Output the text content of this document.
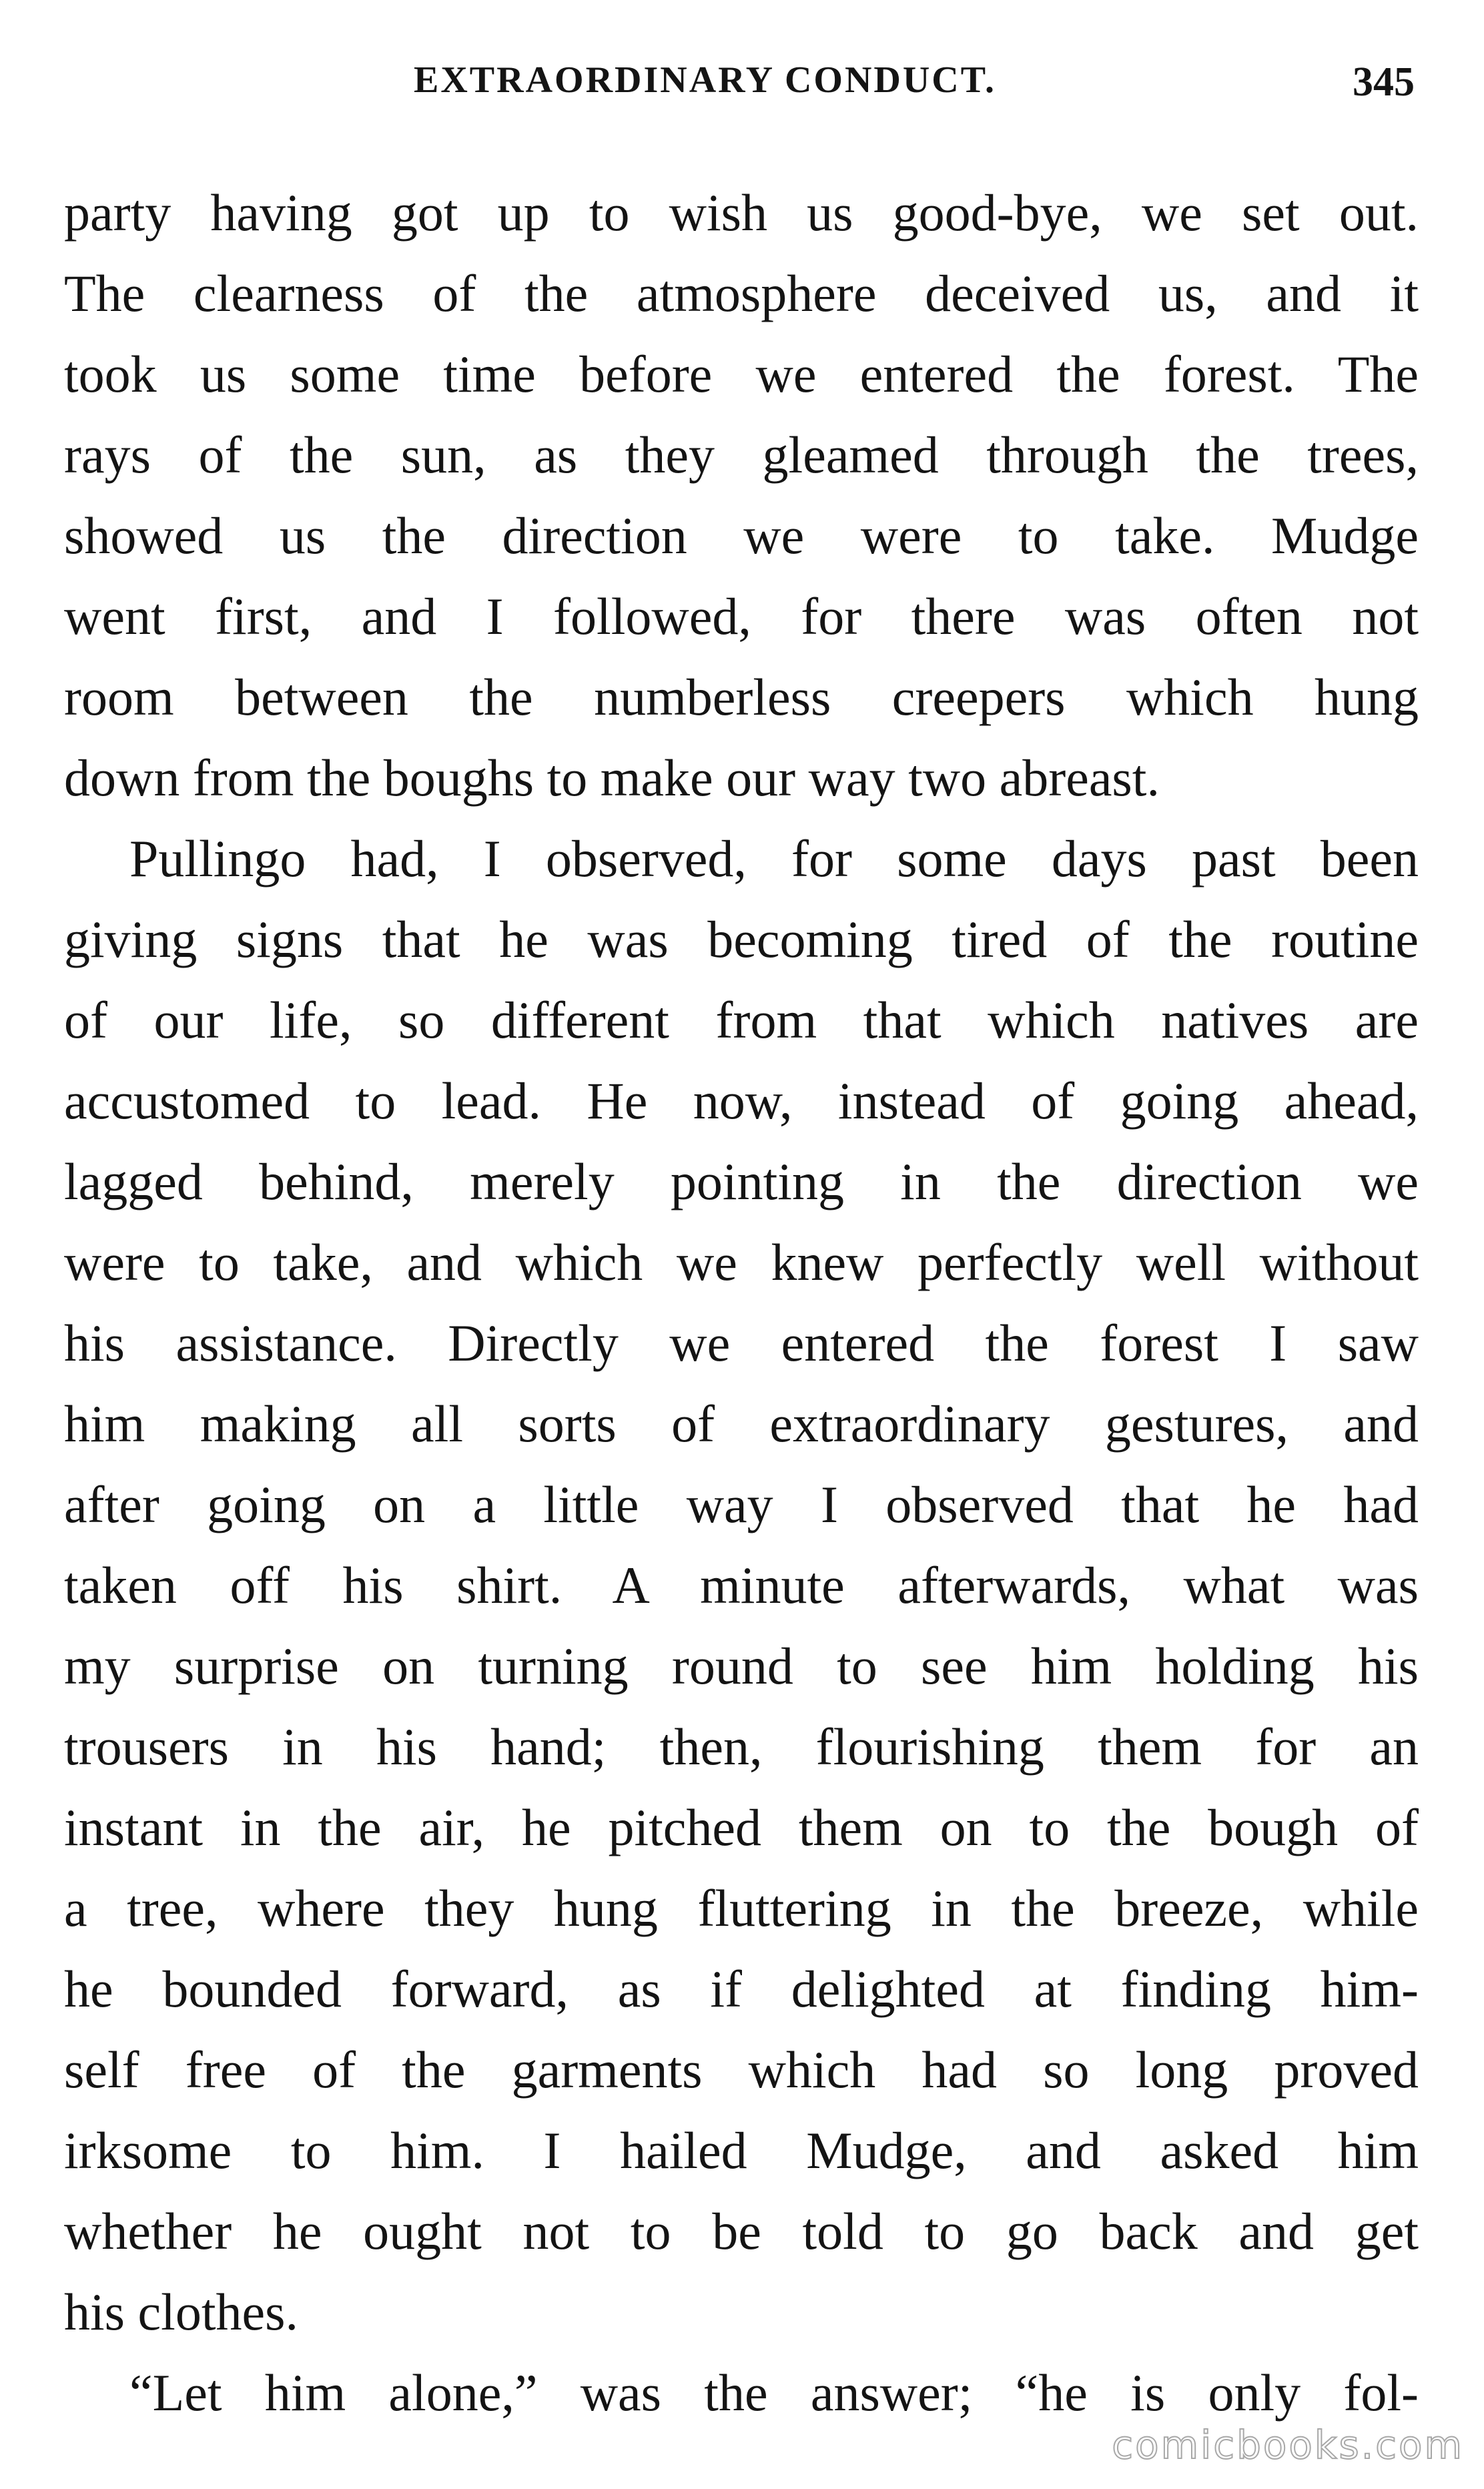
EXTRAORDINARY CONDUCT.	345
party having got up to wish us good-bye, we set out.
The clearness of the atmosphere deceived us, and it
took us some time before we entered the forest. The
rays of the sun, as they gleamed through the trees,
showed us the direction we were to take. Mudge
went first, and I followed, for there was often not
room between the numberless creepers which hung
down from the boughs to make our way two abreast.
Pullingo had, I observed, for some days past been
giving signs that he was becoming tired of the routine
of our life, so different from that which natives are
accustomed to lead. He now, instead of going ahead,
lagged behind, merely pointing in the direction we
were to take, and which we knew perfectly well without
his assistance. Directly we entered the forest I saw
him making all sorts of extraordinary gestures, and
after going on a little way I observed that he had
taken off his shirt. A minute afterwards, what was
my surprise on turning round to see him holding his
trousers in his hand; then, flourishing them for an
instant in the air, he pitched them on to the bough of
a tree, where they hung fluttering in the breeze, while
he bounded forward, as if delighted at finding him-
self free of the garments which had so long proved
irksome to him. I hailed Mudge, and asked him
whether he ought not to be told to go back and get
his clothes.
“Let him alone,” was the answer; “he is only fol-
comicbooks.com
